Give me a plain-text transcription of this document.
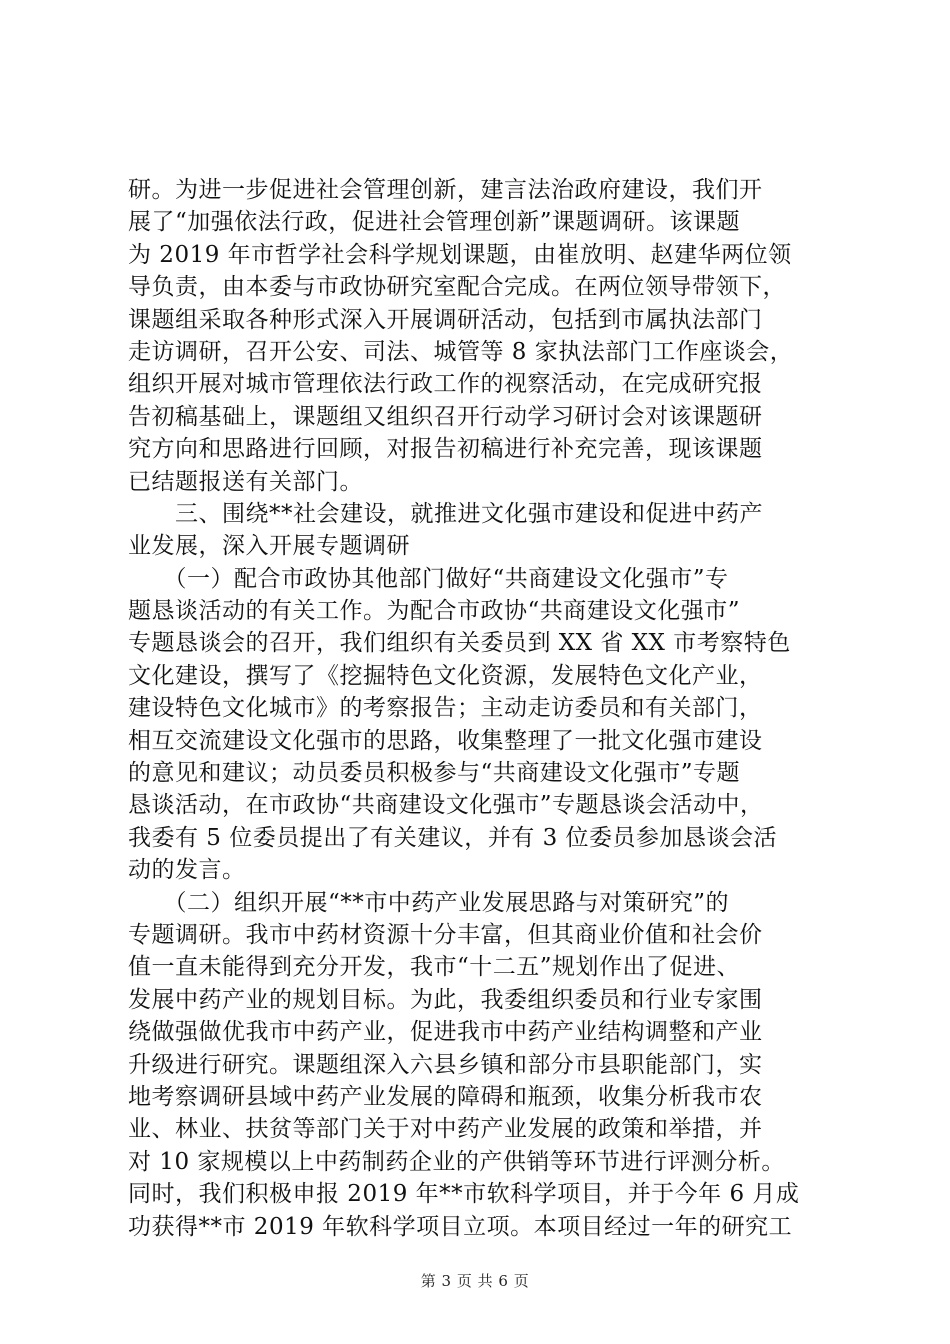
研。为进一步促进社会管理创新，建言法治政府建设，我们开
展了“加强依法行政，促进社会管理创新”课题调研。该课题
为 2019 年市哲学社会科学规划课题，由崔放明、赵建华两位领
导负责，由本委与市政协研究室配合完成。在两位领导带领下，
课题组采取各种形式深入开展调研活动，包括到市属执法部门
走访调研，召开公安、司法、城管等 8 家执法部门工作座谈会，
组织开展对城市管理依法行政工作的视察活动，在完成研究报
告初稿基础上，课题组又组织召开行动学习研讨会对该课题研
究方向和思路进行回顾，对报告初稿进行补充完善，现该课题
已结题报送有关部门。
　　三、围绕**社会建设，就推进文化强市建设和促进中药产
业发展，深入开展专题调研
　　（一）配合市政协其他部门做好“共商建设文化强市”专
题恳谈活动的有关工作。为配合市政协“共商建设文化强市”
专题恳谈会的召开，我们组织有关委员到 XX 省 XX 市考察特色
文化建设，撰写了《挖掘特色文化资源，发展特色文化产业，
建设特色文化城市》的考察报告；主动走访委员和有关部门，
相互交流建设文化强市的思路，收集整理了一批文化强市建设
的意见和建议；动员委员积极参与“共商建设文化强市”专题
恳谈活动，在市政协“共商建设文化强市”专题恳谈会活动中，
我委有 5 位委员提出了有关建议，并有 3 位委员参加恳谈会活
动的发言。
　　（二）组织开展“**市中药产业发展思路与对策研究”的
专题调研。我市中药材资源十分丰富，但其商业价值和社会价
值一直未能得到充分开发，我市“十二五”规划作出了促进、
发展中药产业的规划目标。为此，我委组织委员和行业专家围
绕做强做优我市中药产业，促进我市中药产业结构调整和产业
升级进行研究。课题组深入六县乡镇和部分市县职能部门，实
地考察调研县域中药产业发展的障碍和瓶颈，收集分析我市农
业、林业、扶贫等部门关于对中药产业发展的政策和举措，并
对 10 家规模以上中药制药企业的产供销等环节进行评测分析。
同时，我们积极申报 2019 年**市软科学项目，并于今年 6 月成
功获得**市 2019 年软科学项目立项。本项目经过一年的研究工
第 3 页 共 6 页
